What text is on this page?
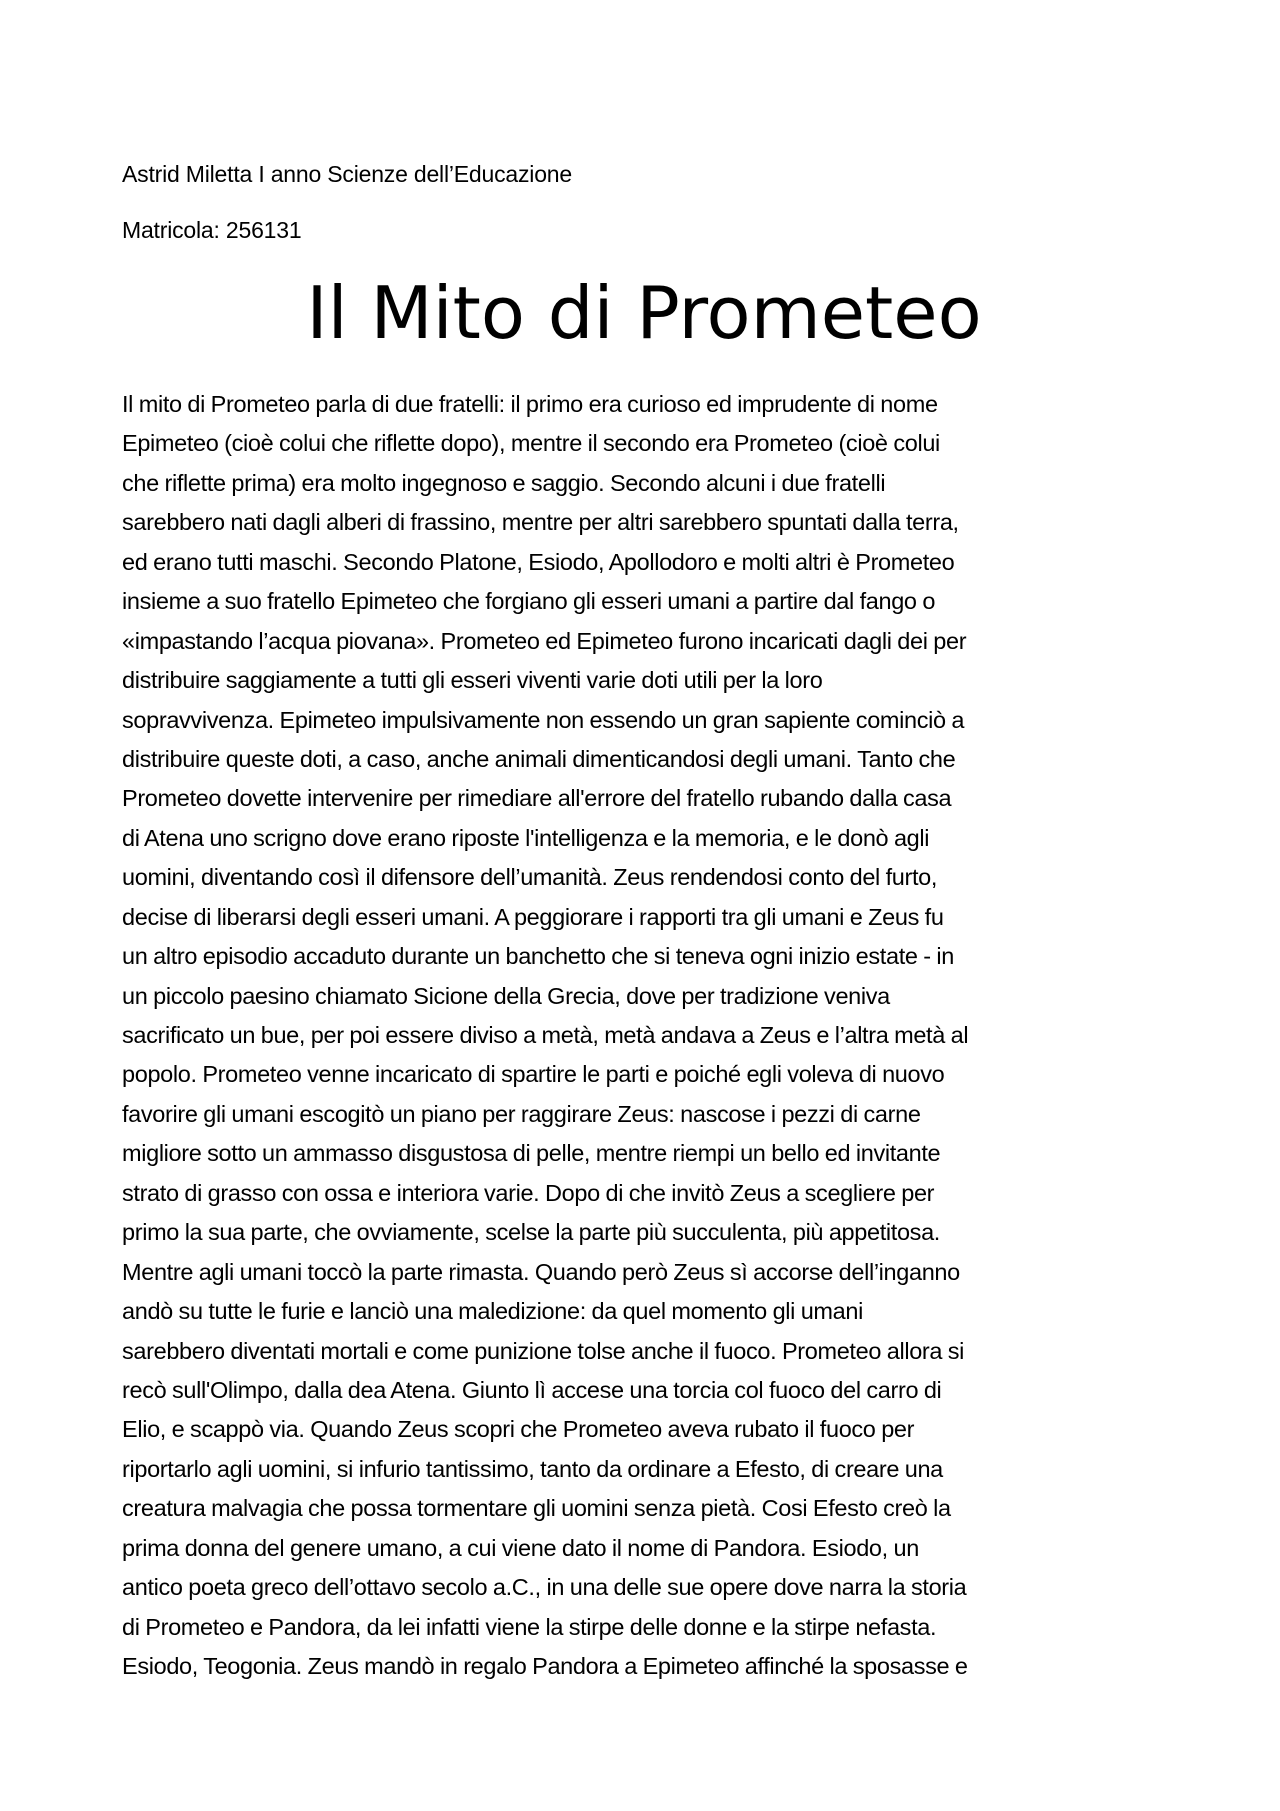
Astrid Miletta I anno Scienze dell’Educazione
Matricola: 256131
Il Mito di Prometeo
Il mito di Prometeo parla di due fratelli: il primo era curioso ed imprudente di nome
Epimeteo (cioè colui che riflette dopo), mentre il secondo era Prometeo (cioè colui
che riflette prima) era molto ingegnoso e saggio. Secondo alcuni i due fratelli
sarebbero nati dagli alberi di frassino, mentre per altri sarebbero spuntati dalla terra,
ed erano tutti maschi. Secondo Platone, Esiodo, Apollodoro e molti altri è Prometeo
insieme a suo fratello Epimeteo che forgiano gli esseri umani a partire dal fango o
«impastando l’acqua piovana». Prometeo ed Epimeteo furono incaricati dagli dei per
distribuire saggiamente a tutti gli esseri viventi varie doti utili per la loro
sopravvivenza. Epimeteo impulsivamente non essendo un gran sapiente cominciò a
distribuire queste doti, a caso, anche animali dimenticandosi degli umani. Tanto che
Prometeo dovette intervenire per rimediare all'errore del fratello rubando dalla casa
di Atena uno scrigno dove erano riposte l'intelligenza e la memoria, e le donò agli
uomini, diventando così il difensore dell’umanità. Zeus rendendosi conto del furto,
decise di liberarsi degli esseri umani. A peggiorare i rapporti tra gli umani e Zeus fu
un altro episodio accaduto durante un banchetto che si teneva ogni inizio estate - in
un piccolo paesino chiamato Sicione della Grecia, dove per tradizione veniva
sacrificato un bue, per poi essere diviso a metà, metà andava a Zeus e l’altra metà al
popolo. Prometeo venne incaricato di spartire le parti e poiché egli voleva di nuovo
favorire gli umani escogitò un piano per raggirare Zeus: nascose i pezzi di carne
migliore sotto un ammasso disgustosa di pelle, mentre riempi un bello ed invitante
strato di grasso con ossa e interiora varie. Dopo di che invitò Zeus a scegliere per
primo la sua parte, che ovviamente, scelse la parte più succulenta, più appetitosa.
Mentre agli umani toccò la parte rimasta. Quando però Zeus sì accorse dell’inganno
andò su tutte le furie e lanciò una maledizione: da quel momento gli umani
sarebbero diventati mortali e come punizione tolse anche il fuoco. Prometeo allora si
recò sull'Olimpo, dalla dea Atena. Giunto lì accese una torcia col fuoco del carro di
Elio, e scappò via. Quando Zeus scopri che Prometeo aveva rubato il fuoco per
riportarlo agli uomini, si infurio tantissimo, tanto da ordinare a Efesto, di creare una
creatura malvagia che possa tormentare gli uomini senza pietà. Cosi Efesto creò la
prima donna del genere umano, a cui viene dato il nome di Pandora. Esiodo, un
antico poeta greco dell’ottavo secolo a.C., in una delle sue opere dove narra la storia
di Prometeo e Pandora, da lei infatti viene la stirpe delle donne e la stirpe nefasta.
Esiodo, Teogonia. Zeus mandò in regalo Pandora a Epimeteo affinché la sposasse e
